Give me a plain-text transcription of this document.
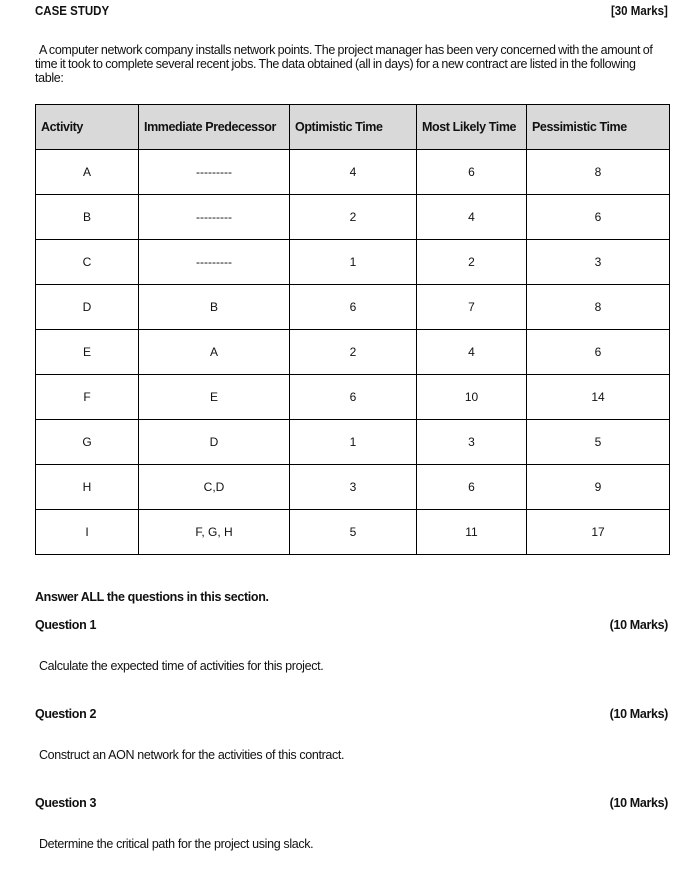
CASE STUDY	[30 Marks]
A computer network company installs network points. The project manager has been very concerned with the amount of
time it took to complete several recent jobs. The data obtained (all in days) for a new contract are listed in the following
table:
Activity	Immediate Predecessor	Optimistic Time	Most Likely Time	Pessimistic Time
A	---------	4	6	8
B	---------	2	4	6
C	---------	1	2	3
D	B	6	7	8
E	A	2	4	6
F	E	6	10	14
G	D	1	3	5
H	C,D	3	6	9
I	F, G, H	5	11	17
Answer ALL the questions in this section.
Question 1	(10 Marks)
Calculate the expected time of activities for this project.
Question 2	(10 Marks)
Construct an AON network for the activities of this contract.
Question 3	(10 Marks)
Determine the critical path for the project using slack.
